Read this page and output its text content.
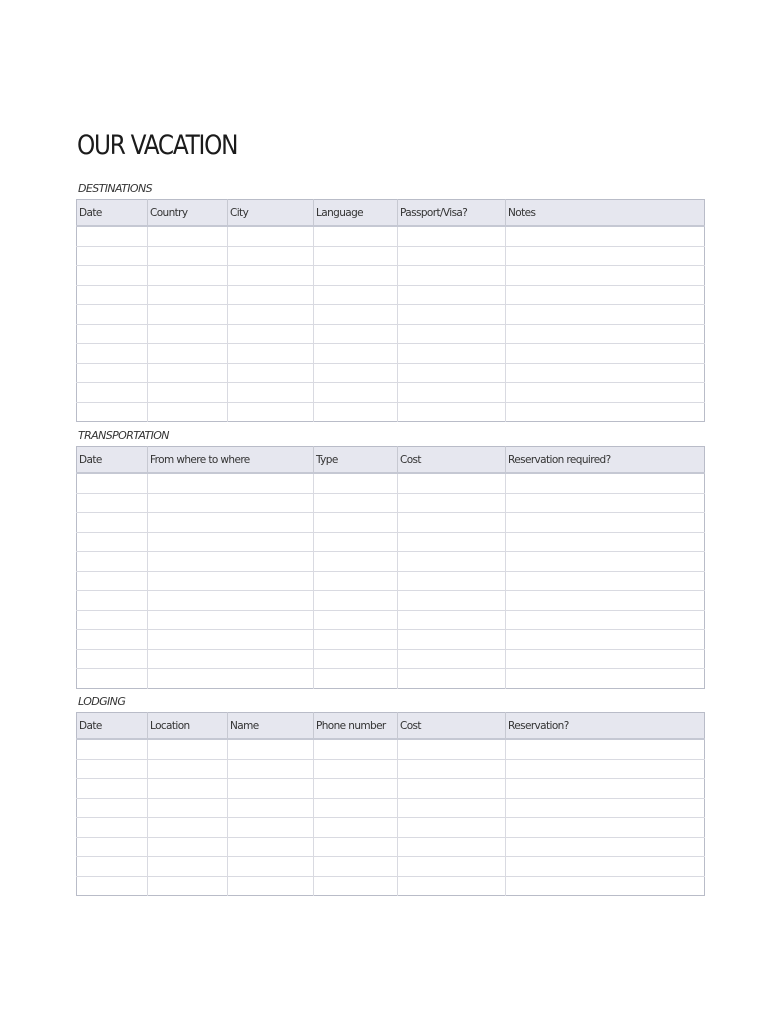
OUR VACATION
DESTINATIONS
Date	Country	City	Language	Passport/Visa?	Notes

TRANSPORTATION
Date	From where to where	Type	Cost	Reservation required?

LODGING
Date	Location	Name	Phone number	Cost	Reservation?
